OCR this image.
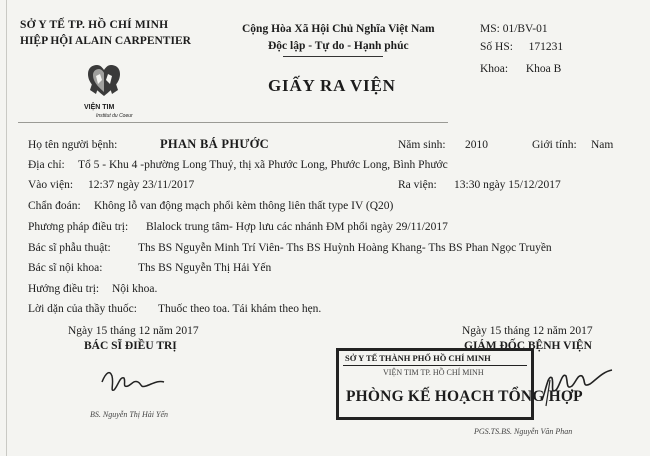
SỞ Y TẾ TP. HỒ CHÍ MINH
HIỆP HỘI ALAIN CARPENTIER
VIỆN TIM
Institut du Coeur
Cộng Hòa Xã Hội Chủ Nghĩa Việt Nam
Độc lập - Tự do - Hạnh phúc
MS: 01/BV-01
Số HS: 171231
Khoa: Khoa B
GIẤY RA VIỆN
Họ tên người bệnh:	PHAN BÁ PHƯỚC	Năm sinh: 2010	Giới tính: Nam
Địa chỉ: Tổ 5 - Khu 4 -phường Long Thuỷ, thị xã Phước Long, Phước Long, Bình Phước
Vào viện: 12:37 ngày 23/11/2017	Ra viện: 13:30 ngày 15/12/2017
Chẩn đoán: Không lỗ van động mạch phổi kèm thông liên thất type IV (Q20)
Phương pháp điều trị: Blalock trung tâm- Hợp lưu các nhánh ĐM phổi ngày 29/11/2017
Bác sĩ phẫu thuật: Ths BS Nguyễn Minh Trí Viên- Ths BS Huỳnh Hoàng Khang- Ths BS Phan Ngọc Truyền
Bác sĩ nội khoa:	Ths BS Nguyễn Thị Hải Yến
Hướng điều trị: Nội khoa.
Lời dặn của thầy thuốc: Thuốc theo toa. Tái khám theo hẹn.
Ngày 15 tháng 12 năm 2017
BÁC SĨ ĐIỀU TRỊ
BS. Nguyễn Thị Hải Yến
Ngày 15 tháng 12 năm 2017
GIÁM ĐỐC BỆNH VIỆN
SỞ Y TẾ THÀNH PHỐ HỒ CHÍ MINH
VIỆN TIM TP. HỒ CHÍ MINH
PHÒNG KẾ HOẠCH TỔNG HỢP
PGS.TS.BS. Nguyễn Văn Phan
